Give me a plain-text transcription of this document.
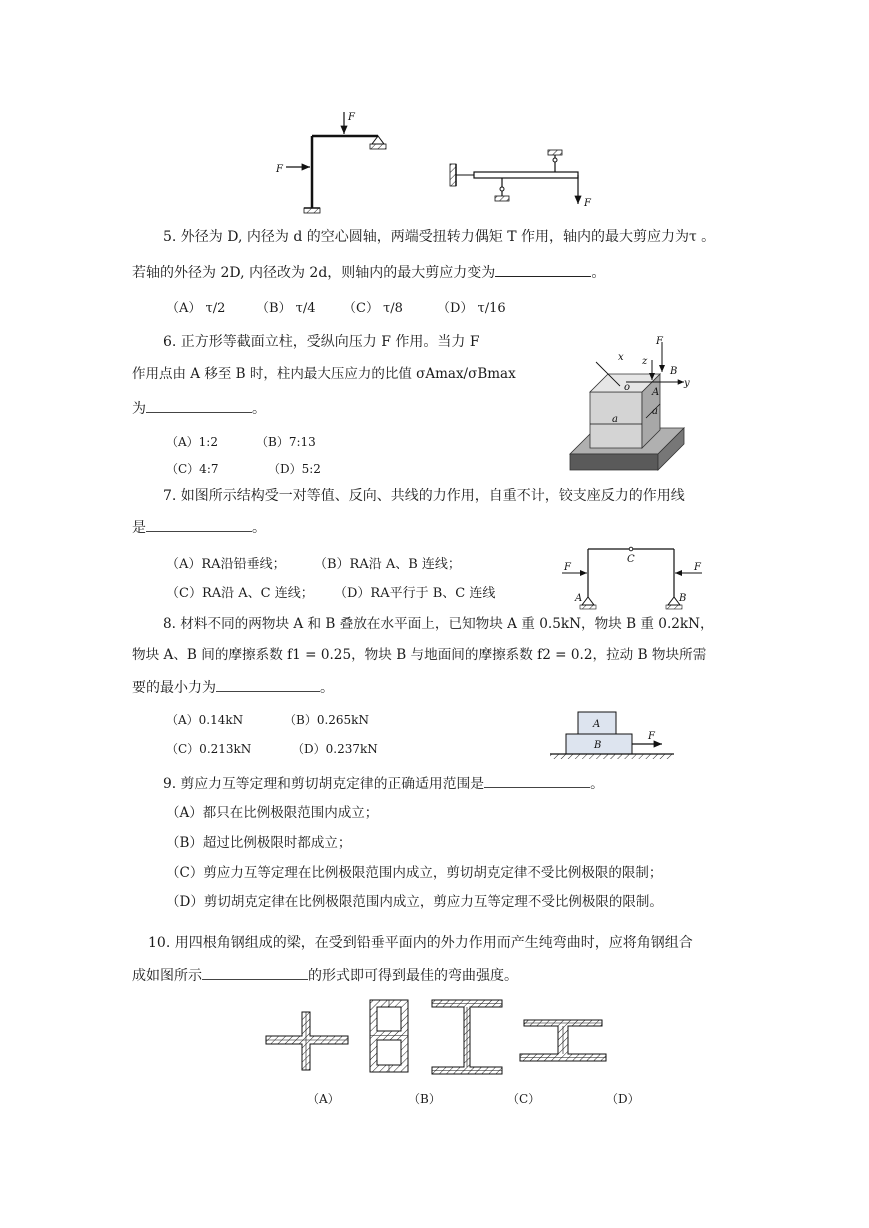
F
F
F
5. 外径为 D, 内径为 d 的空心圆轴，两端受扭转力偶矩 T 作用，轴内的最大剪应力为τ 。
若轴的外径为 2D, 内径改为 2d，则轴内的最大剪应力变为	。
（A） τ/2 （B） τ/4 （C） τ/8	（D） τ/16
6. 正方形等截面立柱，受纵向压力 F 作用。当力 F
作用点由 A 移至 B 时，柱内最大压应力的比值 σAmax/σBmax
为	。
（A）1:2	（B）7:13
（C）4:7	（D）5:2
x z
F
B
A
o	y
a
a
7. 如图所示结构受一对等值、反向、共线的力作用，自重不计，铰支座反力的作用线
是	。
（A）RA沿铅垂线； （B）RA沿 A、B 连线；
（C）RA沿 A、C 连线； （D）RA平行于 B、C 连线
F	F
C
A	B
8. 材料不同的两物块 A 和 B 叠放在水平面上，已知物块 A 重 0.5kN，物块 B 重 0.2kN，
物块 A、B 间的摩擦系数 f1 = 0.25，物块 B 与地面间的摩擦系数 f2 = 0.2，拉动 B 物块所需
要的最小力为	。
（A）0.14kN	（B）0.265kN
（C）0.213kN	（D）0.237kN
A
B
F
9. 剪应力互等定理和剪切胡克定律的正确适用范围是	。
（A）都只在比例极限范围内成立；
（B）超过比例极限时都成立；
（C）剪应力互等定理在比例极限范围内成立，剪切胡克定律不受比例极限的限制；
（D）剪切胡克定律在比例极限范围内成立，剪应力互等定理不受比例极限的限制。
10. 用四根角钢组成的梁，在受到铅垂平面内的外力作用而产生纯弯曲时，应将角钢组合
成如图所示	的形式即可得到最佳的弯曲强度。
（A）	（B）	（C）	（D）
